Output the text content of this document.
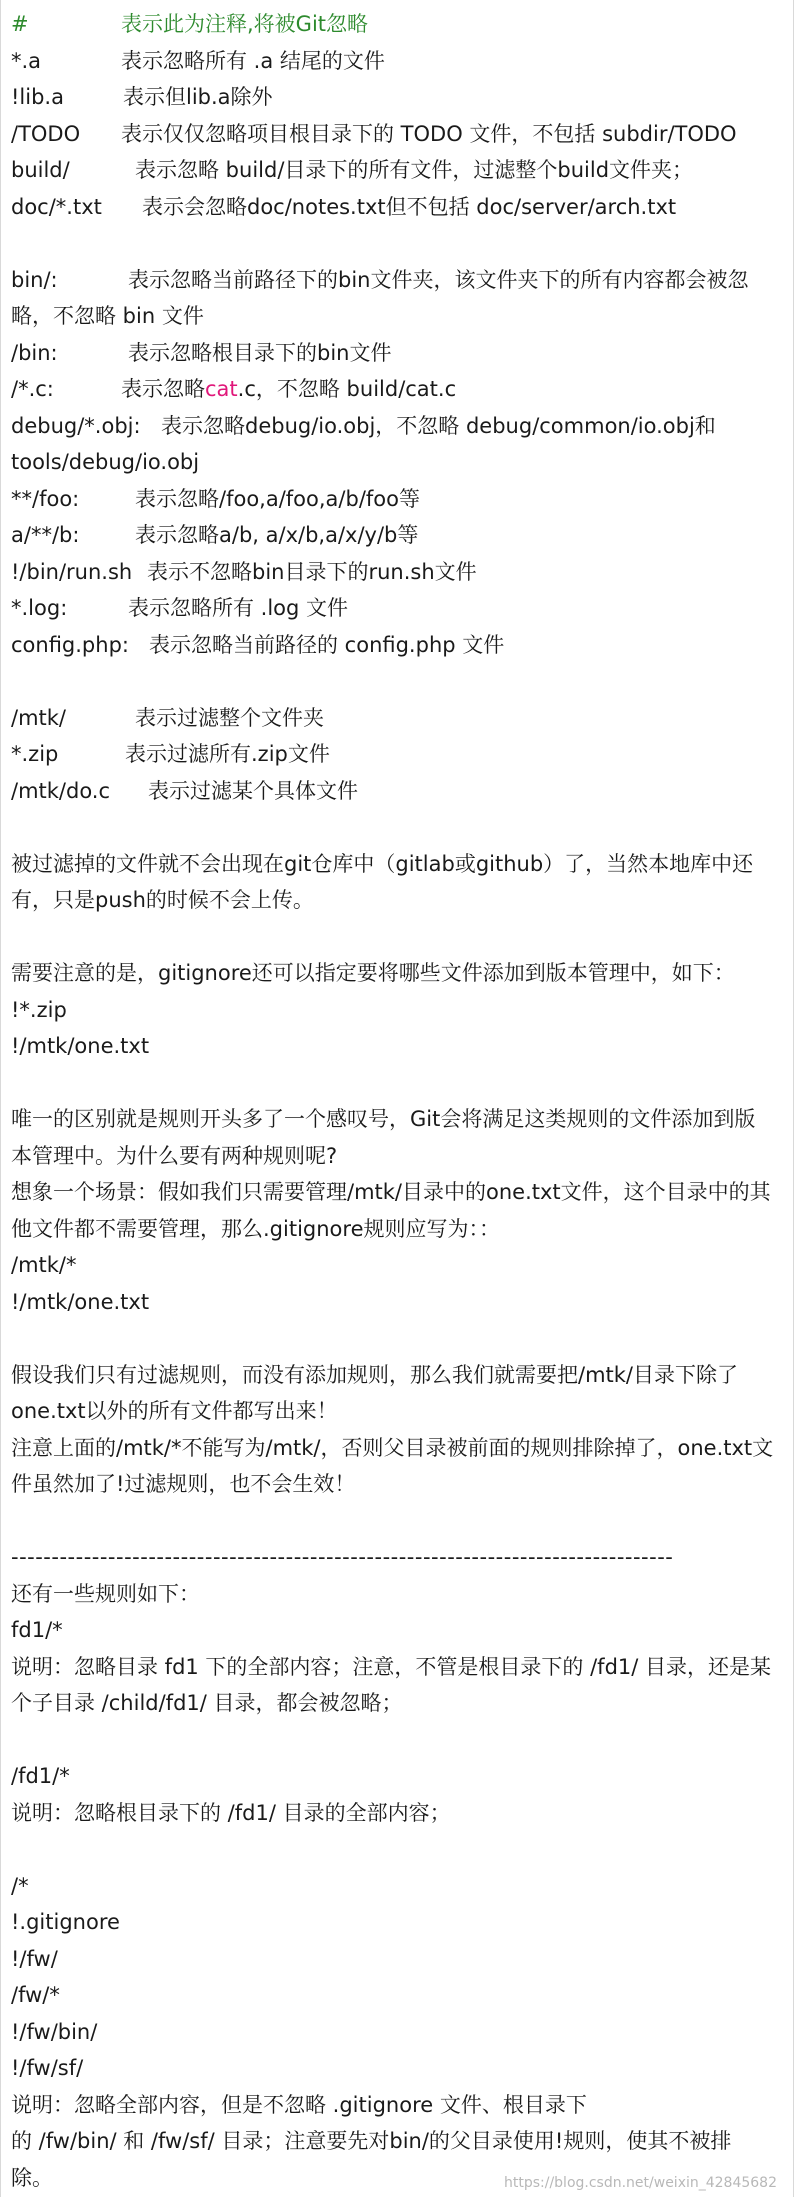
#	表示此为注释,将被Git忽略
*.a	表示忽略所有 .a 结尾的文件
!lib.a	表示但lib.a除外
/TODO 表示仅仅忽略项目根目录下的 TODO 文件，不包括 subdir/TODO
build/	表示忽略 build/目录下的所有文件，过滤整个build文件夹；
doc/*.txt 表示会忽略doc/notes.txt但不包括 doc/server/arch.txt
bin/:	表示忽略当前路径下的bin文件夹，该文件夹下的所有内容都会被忽
略，不忽略 bin 文件
/bin:	表示忽略根目录下的bin文件
/*.c:	表示忽略cat.c，不忽略 build/cat.c
debug/*.obj: 表示忽略debug/io.obj，不忽略 debug/common/io.obj和
tools/debug/io.obj
**/foo:	表示忽略/foo,a/foo,a/b/foo等
a/**/b:	表示忽略a/b, a/x/b,a/x/y/b等
!/bin/run.sh 表示不忽略bin目录下的run.sh文件
*.log:	表示忽略所有 .log 文件
config.php: 表示忽略当前路径的 config.php 文件
/mtk/	表示过滤整个文件夹
*.zip	表示过滤所有.zip文件
/mtk/do.c 表示过滤某个具体文件
被过滤掉的文件就不会出现在git仓库中（gitlab或github）了，当然本地库中还
有，只是push的时候不会上传。
需要注意的是，gitignore还可以指定要将哪些文件添加到版本管理中，如下：
!*.zip
!/mtk/one.txt
唯一的区别就是规则开头多了一个感叹号，Git会将满足这类规则的文件添加到版
本管理中。为什么要有两种规则呢?
想象一个场景：假如我们只需要管理/mtk/目录中的one.txt文件，这个目录中的其
他文件都不需要管理，那么.gitignore规则应写为：：
/mtk/*
!/mtk/one.txt
假设我们只有过滤规则，而没有添加规则，那么我们就需要把/mtk/目录下除了
one.txt以外的所有文件都写出来！
注意上面的/mtk/*不能写为/mtk/，否则父目录被前面的规则排除掉了，one.txt文
件虽然加了!过滤规则，也不会生效！
----------------------------------------------------------------------------------
还有一些规则如下：
fd1/*
说明：忽略目录 fd1 下的全部内容；注意，不管是根目录下的 /fd1/ 目录，还是某
个子目录 /child/fd1/ 目录，都会被忽略；
/fd1/*
说明：忽略根目录下的 /fd1/ 目录的全部内容；
/*
!.gitignore
!/fw/
/fw/*
!/fw/bin/
!/fw/sf/
说明：忽略全部内容，但是不忽略 .gitignore 文件、根目录下
的 /fw/bin/ 和 /fw/sf/ 目录；注意要先对bin/的父目录使用!规则，使其不被排
除。	https://blog.csdn.net/weixin_42845682
